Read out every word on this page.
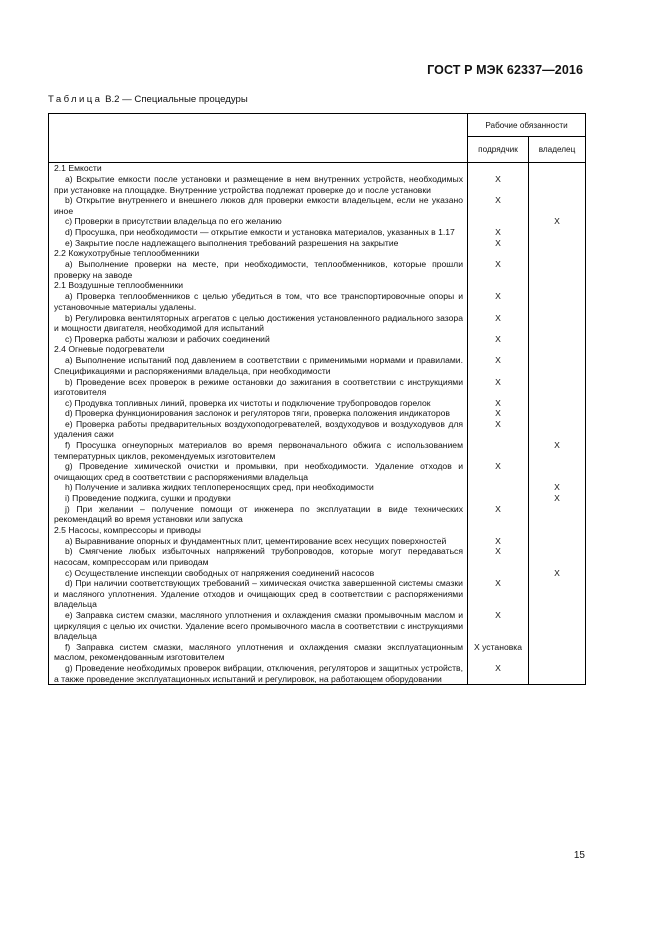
ГОСТ Р МЭК 62337—2016
Таблица В.2 — Специальные процедуры
	Рабочие обязанности	
	подрядчик	владелец
2.1 Емкости		
a) Вскрытие емкости после установки и размещение в нем внутренних устройств, необходимых при установке на площадке. Внутренние устройства подлежат проверке до и после установки	X	
b) Открытие внутреннего и внешнего люков для проверки емкости владельцем, если не указано иное	X	
c) Проверки в присутствии владельца по его желанию		X
d) Просушка, при необходимости — открытие емкости и установка материалов, указанных в 1.17	X	
e) Закрытие после надлежащего выполнения требований разрешения на закрытие	X	
2.2 Кожухотрубные теплообменники		
a) Выполнение проверки на месте, при необходимости, теплообменников, которые прошли проверку на заводе	X	
2.1 Воздушные теплообменники		
a) Проверка теплообменников с целью убедиться в том, что все транспортировочные опоры и установочные материалы удалены.	X	
b) Регулировка вентиляторных агрегатов с целью достижения установленного радиального зазора и мощности двигателя, необходимой для испытаний	X	
c) Проверка работы жалюзи и рабочих соединений	X	
2.4 Огневые подогреватели		
a) Выполнение испытаний под давлением в соответствии с применимыми нормами и правилами. Спецификациями и распоряжениями владельца, при необходимости	X	
b) Проведение всех проверок в режиме остановки до зажигания в соответствии с инструкциями изготовителя	X	
c) Продувка топливных линий, проверка их чистоты и подключение трубопроводов горелок	X	
d) Проверка функционирования заслонок и регуляторов тяги, проверка положения индикаторов	X	
e) Проверка работы предварительных воздухоподогревателей, воздуходувов и воздуходувов для удаления сажи	X	
f) Просушка огнеупорных материалов во время первоначального обжига с использованием температурных циклов, рекомендуемых изготовителем		X
g) Проведение химической очистки и промывки, при необходимости. Удаление отходов и очищающих сред в соответствии с распоряжениями владельца	X	
h) Получение и заливка жидких теплопереносящих сред, при необходимости		X
i) Проведение поджига, сушки и продувки		X
j) При желании – получение помощи от инженера по эксплуатации в виде технических рекомендаций во время установки или запуска	X	
2.5 Насосы, компрессоры и приводы		
a) Выравнивание опорных и фундаментных плит, цементирование всех несущих поверхностей	X	
b) Смягчение любых избыточных напряжений трубопроводов, которые могут передаваться насосам, компрессорам или приводам	X	
c) Осуществление инспекции свободных от напряжения соединений насосов		X
d) При наличии соответствующих требований – химическая очистка завершенной системы смазки и масляного уплотнения. Удаление отходов и очищающих сред в соответствии с распоряжениями владельца	X	
e) Заправка систем смазки, масляного уплотнения и охлаждения смазки промывочным маслом и циркуляция с целью их очистки. Удаление всего промывочного масла в соответствии с инструкциями владельца	X	
f) Заправка систем смазки, масляного уплотнения и охлаждения смазки эксплуатационным маслом, рекомендованным изготовителем	X установка	
g) Проведение необходимых проверок вибрации, отключения, регуляторов и защитных устройств, а также проведение эксплуатационных испытаний и регулировок, на работающем оборудовании	X	
15
